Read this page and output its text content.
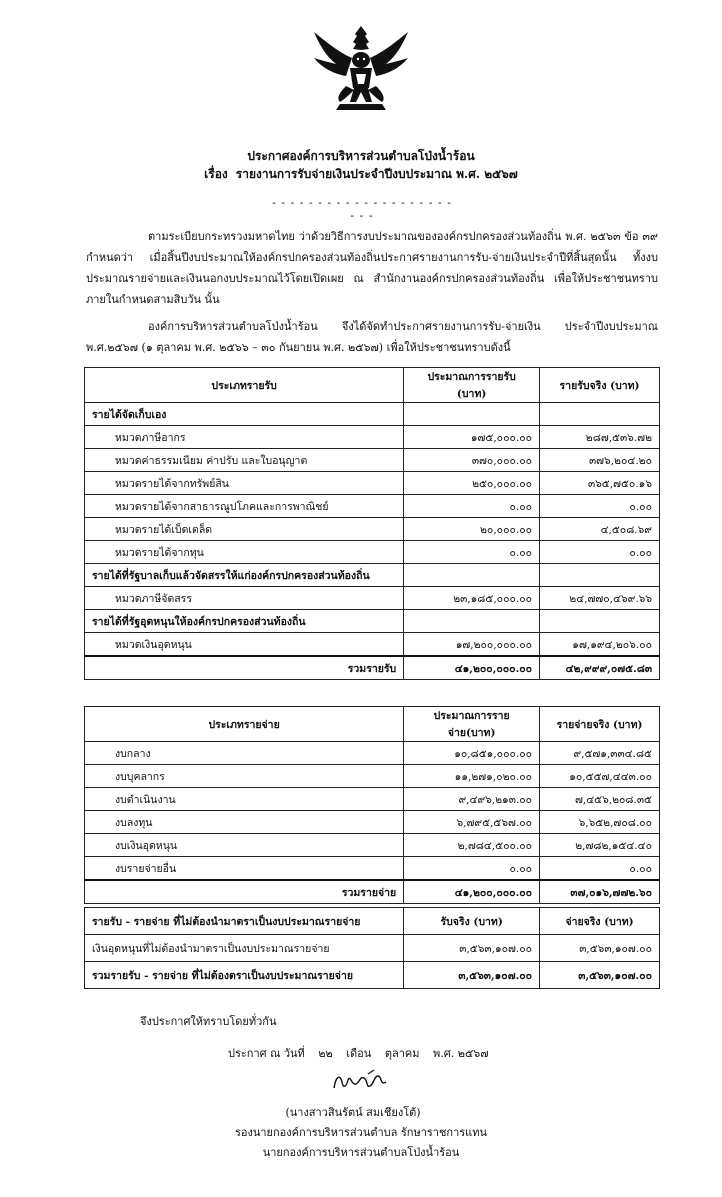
ประกาศองค์การบริหารส่วนตำบลโป่งน้ำร้อน
เรื่อง รายงานการรับจ่ายเงินประจำปีงบประมาณ พ.ศ. ๒๕๖๗
- - - - - - - - - - - - - - - - - - - - - - -
ตามระเบียบกระทรวงมหาดไทย ว่าด้วยวิธีการงบประมาณขององค์กรปกครองส่วนท้องถิ่น พ.ศ. ๒๕๖๓ ข้อ ๓๙ กำหนดว่า เมื่อสิ้นปีงบประมาณให้องค์กรปกครองส่วนท้องถิ่นประกาศรายงานการรับ-จ่ายเงินประจำปีที่สิ้นสุดนั้น ทั้งงบประมาณรายจ่ายและเงินนอกงบประมาณไว้โดยเปิดเผย ณ สำนักงานองค์กรปกครองส่วนท้องถิ่น เพื่อให้ประชาชนทราบภายในกำหนดสามสิบวัน นั้น
องค์การบริหารส่วนตำบลโป่งน้ำร้อน จึงได้จัดทำประกาศรายงานการรับ-จ่ายเงิน ประจำปีงบประมาณ พ.ศ.๒๕๖๗ (๑ ตุลาคม พ.ศ. ๒๕๖๖ – ๓๐ กันยายน พ.ศ. ๒๕๖๗) เพื่อให้ประชาชนทราบดังนี้
ประเภทรายรับ	ประมาณการรายรับ (บาท)	รายรับจริง (บาท)
รายได้จัดเก็บเอง		
หมวดภาษีอากร	๑๗๕,๐๐๐.๐๐	๒๘๗,๕๓๖.๗๒
หมวดค่าธรรมเนียม ค่าปรับ และใบอนุญาต	๓๗๐,๐๐๐.๐๐	๓๗๖,๒๐๔.๒๐
หมวดรายได้จากทรัพย์สิน	๒๕๐,๐๐๐.๐๐	๓๖๕,๗๕๐.๑๖
หมวดรายได้จากสาธารณูปโภคและการพาณิชย์	๐.๐๐	๐.๐๐
หมวดรายได้เบ็ดเตล็ด	๒๐,๐๐๐.๐๐	๔,๕๐๘.๖๙
หมวดรายได้จากทุน	๐.๐๐	๐.๐๐
รายได้ที่รัฐบาลเก็บแล้วจัดสรรให้แก่องค์กรปกครองส่วนท้องถิ่น		
หมวดภาษีจัดสรร	๒๓,๑๘๕,๐๐๐.๐๐	๒๔,๗๗๐,๔๖๙.๖๖
รายได้ที่รัฐอุดหนุนให้องค์กรปกครองส่วนท้องถิ่น		
หมวดเงินอุดหนุน	๑๗,๒๐๐,๐๐๐.๐๐	๑๗,๑๙๔,๒๐๖.๐๐
รวมรายรับ	๔๑,๒๐๐,๐๐๐.๐๐	๔๒,๙๙๙,๐๗๕.๘๓
ประเภทรายจ่าย	ประมาณการรายจ่าย(บาท)	รายจ่ายจริง (บาท)
งบกลาง	๑๐,๘๕๑,๐๐๐.๐๐	๙,๕๗๑,๓๓๔.๘๕
งบบุคลากร	๑๑,๒๗๑,๐๒๐.๐๐	๑๐,๕๕๗,๔๔๓.๐๐
งบดำเนินงาน	๙,๔๙๖,๒๑๓.๐๐	๗,๔๕๖,๒๐๘.๓๕
งบลงทุน	๖,๗๙๕,๕๖๗.๐๐	๖,๖๕๒,๗๐๘.๐๐
งบเงินอุดหนุน	๒,๗๘๔,๕๐๐.๐๐	๒,๗๘๒,๑๕๔.๔๐
งบรายจ่ายอื่น	๐.๐๐	๐.๐๐
รวมรายจ่าย	๔๑,๒๐๐,๐๐๐.๐๐	๓๗,๐๑๖,๗๗๒.๖๐
รายรับ - รายจ่าย ที่ไม่ต้องนำมาตราเป็นงบประมาณรายจ่าย	รับจริง (บาท)	จ่ายจริง (บาท)
เงินอุดหนุนที่ไม่ต้องนำมาตราเป็นงบประมาณรายจ่าย	๓,๕๖๓,๑๐๗.๐๐	๓,๕๖๓,๑๐๗.๐๐
รวมรายรับ - รายจ่าย ที่ไม่ต้องตราเป็นงบประมาณรายจ่าย	๓,๕๖๓,๑๐๗.๐๐	๓,๕๖๓,๑๐๗.๐๐
จึงประกาศให้ทราบโดยทั่วกัน
ประกาศ ณ วันที่ ๒๒ เดือน ตุลาคม พ.ศ. ๒๕๖๗
(นางสาวสินรัตน์ สมเชียงโต้)
รองนายกองค์การบริหารส่วนตำบล รักษาราชการแทน
นายกองค์การบริหารส่วนตำบลโป่งน้ำร้อน
